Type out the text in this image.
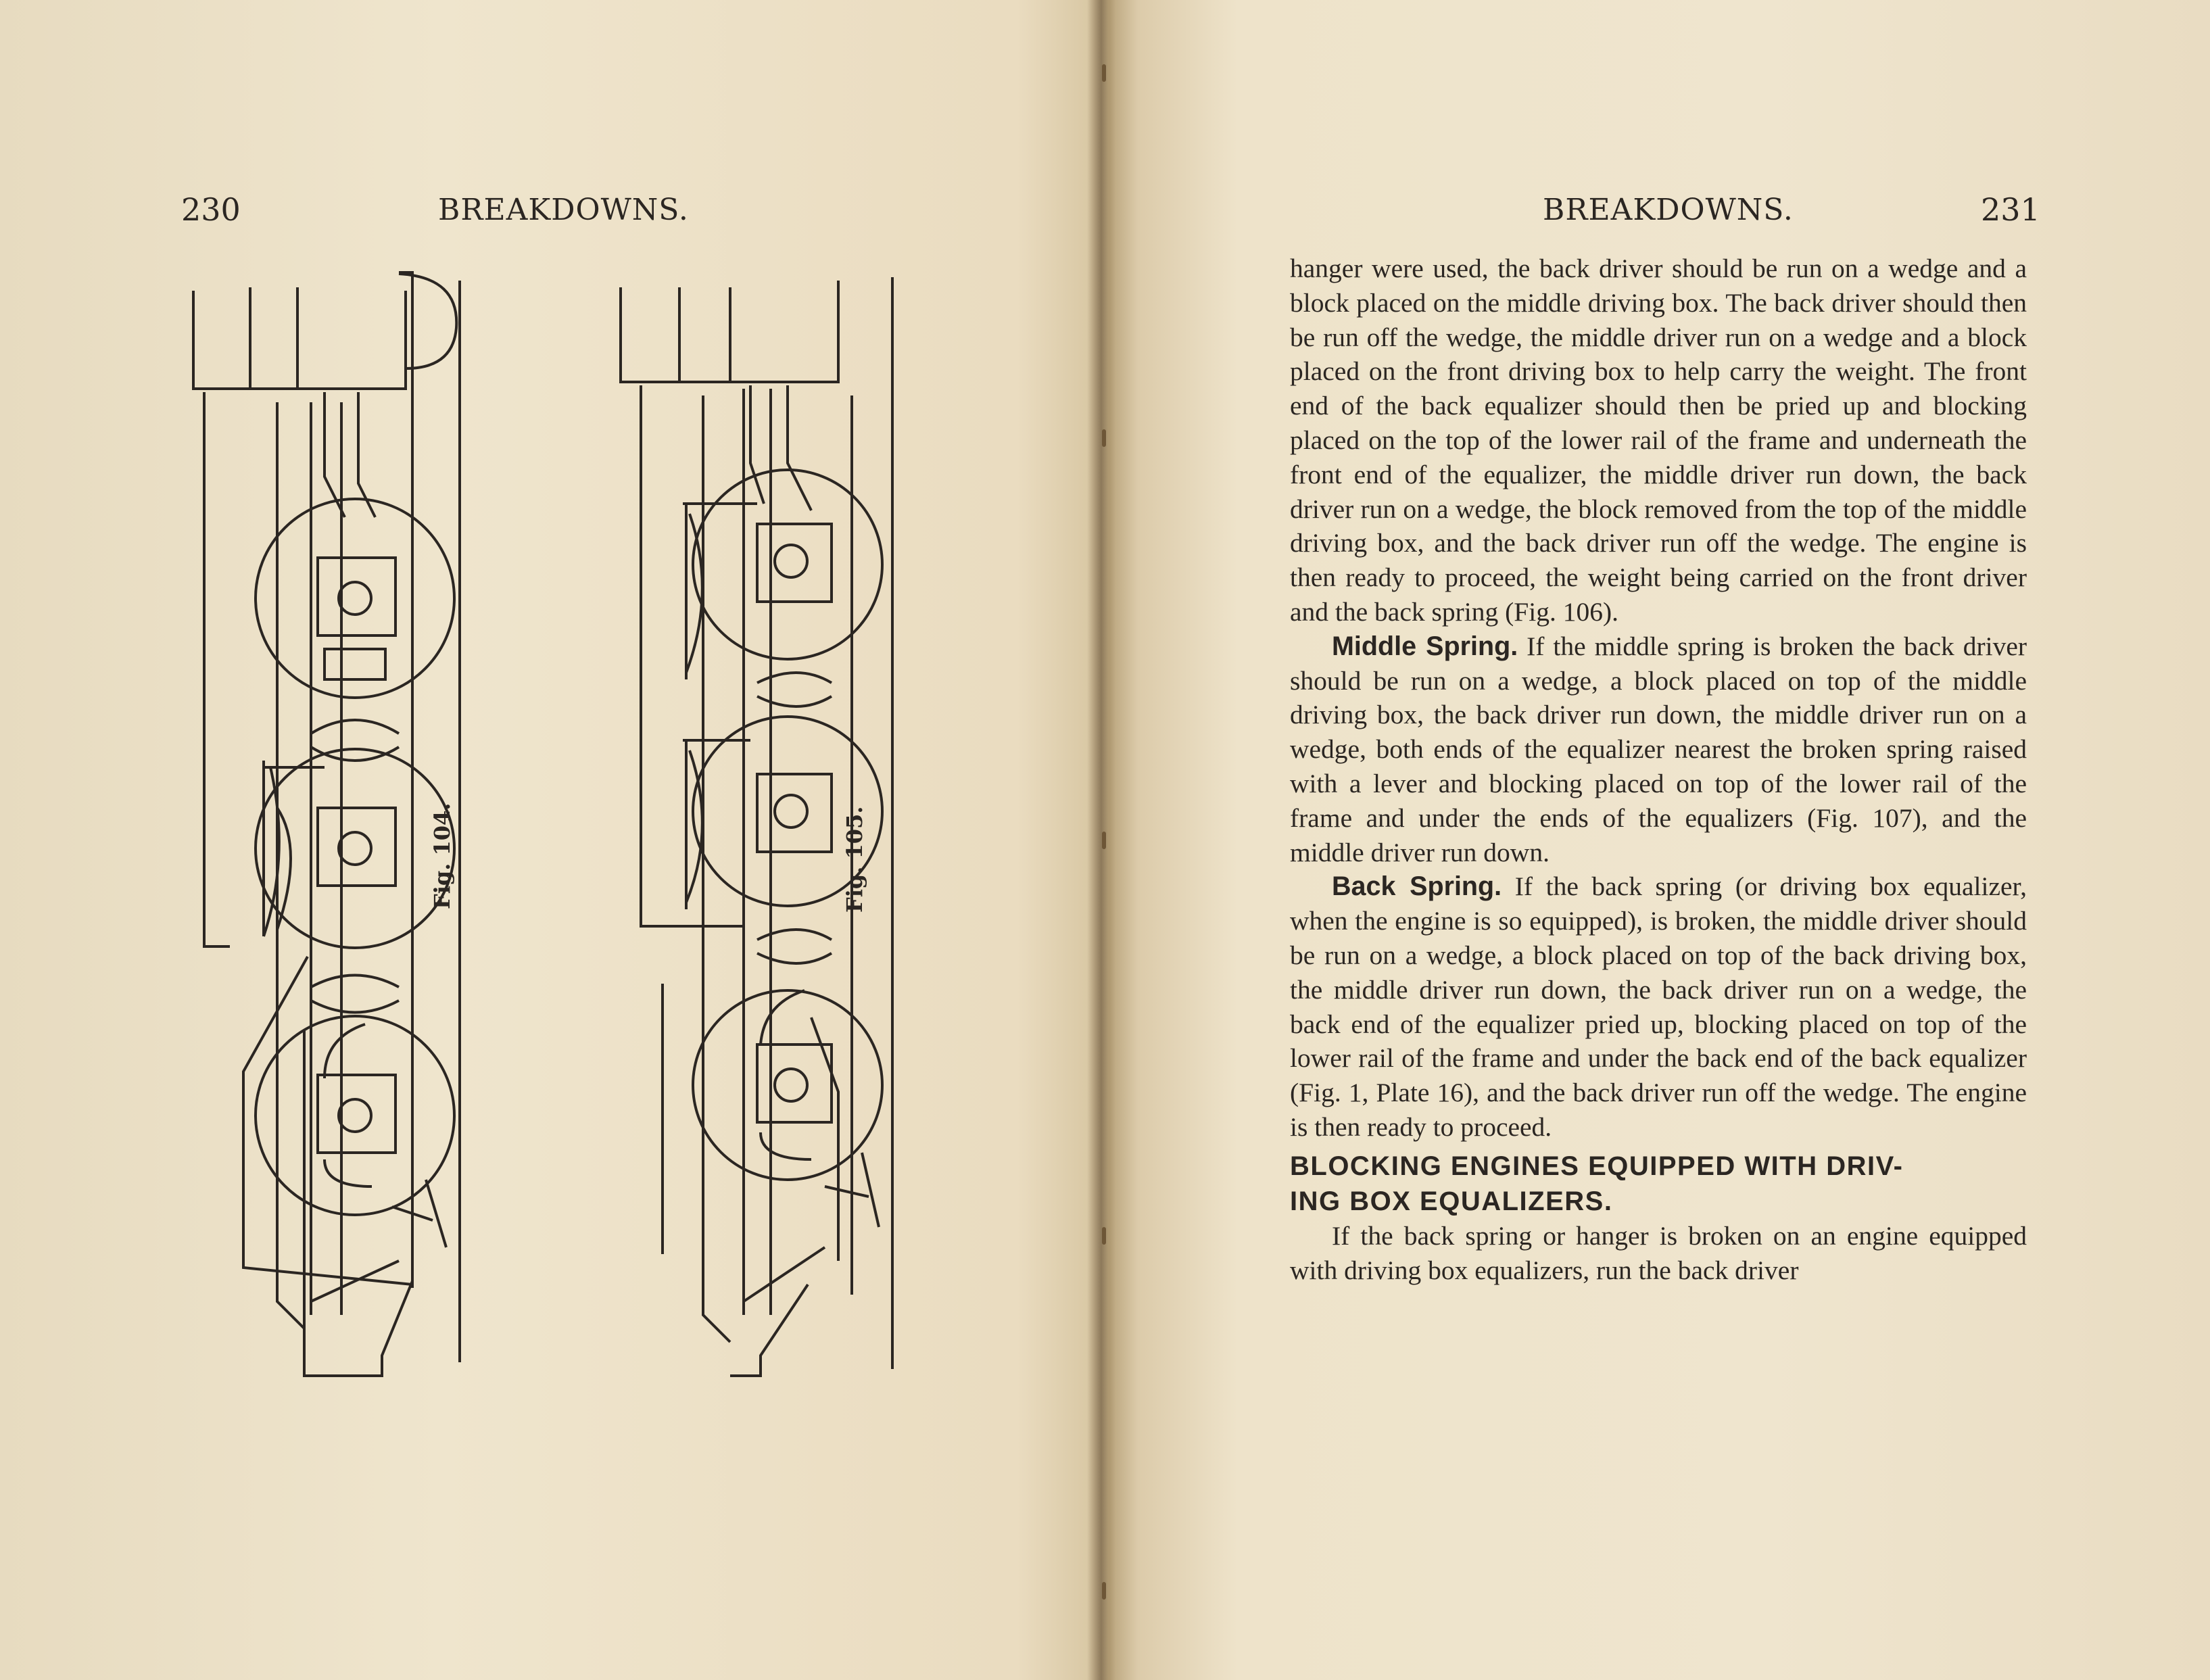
230	BREAKDOWNS.
Fig. 104.	Fig. 105.
BREAKDOWNS.	231

hanger were used, the back driver should be run on a wedge and a block placed on the middle driving box. The back driver should then be run off the wedge, the middle driver run on a wedge and a block placed on the front driving box to help carry the weight. The front end of the back equalizer should then be pried up and blocking placed on the top of the lower rail of the frame and underneath the front end of the equalizer, the middle driver run down, the back driver run on a wedge, the block removed from the top of the middle driving box, and the back driver run off the wedge. The engine is then ready to proceed, the weight being carried on the front driver and the back spring (Fig. 106).

Middle Spring. If the middle spring is broken the back driver should be run on a wedge, a block placed on top of the middle driving box, the back driver run down, the middle driver run on a wedge, both ends of the equalizer nearest the broken spring raised with a lever and blocking placed on top of the lower rail of the frame and under the ends of the equalizers (Fig. 107), and the middle driver run down.

Back Spring. If the back spring (or driving box equalizer, when the engine is so equipped), is broken, the middle driver should be run on a wedge, a block placed on top of the back driving box, the middle driver run down, the back driver run on a wedge, the back end of the equalizer pried up, blocking placed on top of the lower rail of the frame and under the back end of the back equalizer (Fig. 1, Plate 16), and the back driver run off the wedge. The engine is then ready to proceed.

BLOCKING ENGINES EQUIPPED WITH DRIV-
ING BOX EQUALIZERS.

If the back spring or hanger is broken on an engine equipped with driving box equalizers, run the back driver
